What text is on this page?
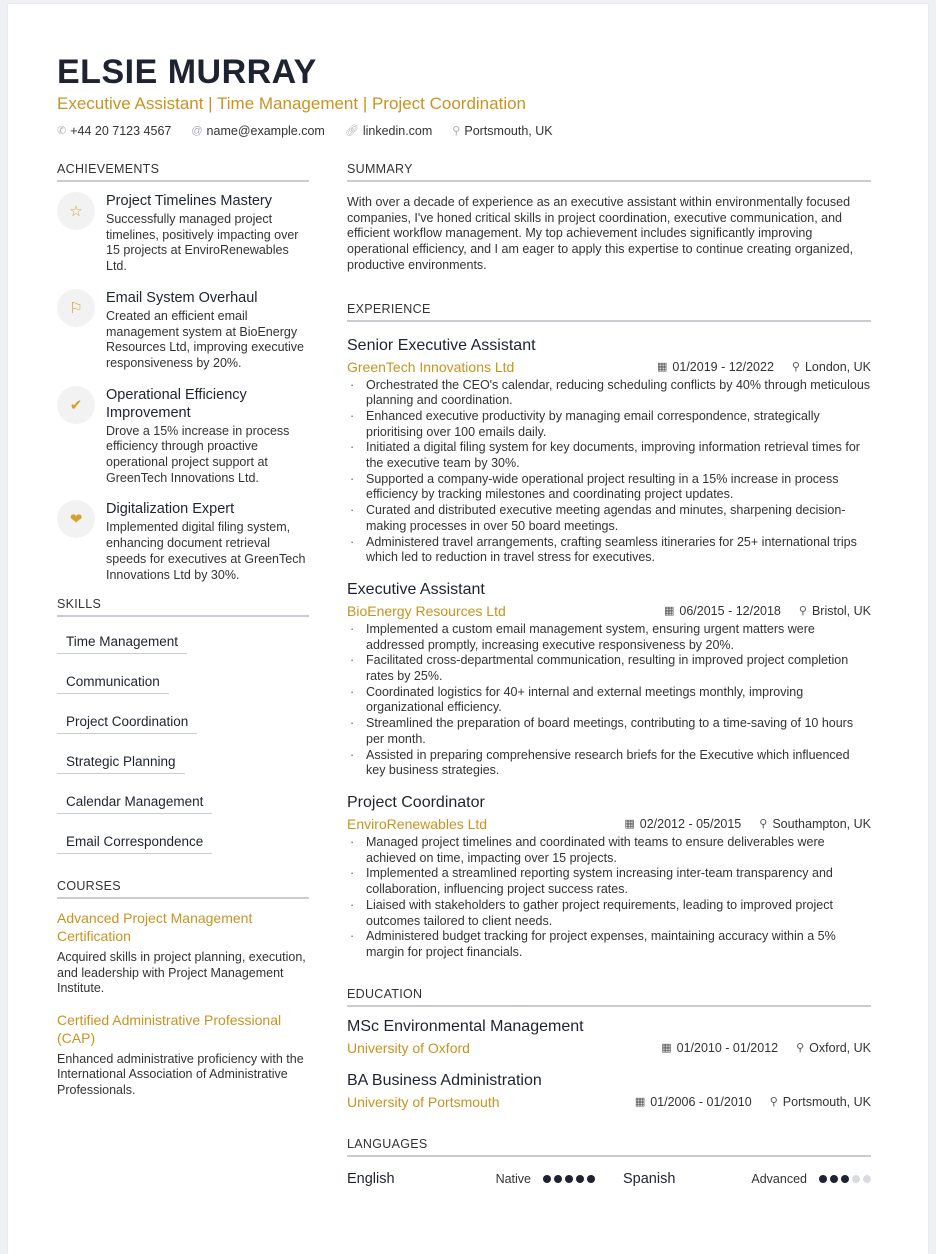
ELSIE MURRAY
Executive Assistant | Time Management | Project Coordination
✆ +44 20 7123 4567 @ name@example.com 🔗︎ linkedin.com ⚲ Portsmouth, UK
ACHIEVEMENTS
☆
Project Timelines Mastery
Successfully managed project timelines, positively impacting over 15 projects at EnviroRenewables Ltd.
⚐
Email System Overhaul
Created an efficient email management system at BioEnergy Resources Ltd, improving executive responsiveness by 20%.
✔
Operational Efficiency Improvement
Drove a 15% increase in process efficiency through proactive operational project support at GreenTech Innovations Ltd.
❤
Digitalization Expert
Implemented digital filing system, enhancing document retrieval speeds for executives at GreenTech Innovations Ltd by 30%.
SKILLS
Time Management
Communication
Project Coordination
Strategic Planning
Calendar Management
Email Correspondence
COURSES
Advanced Project Management Certification
Acquired skills in project planning, execution, and leadership with Project Management Institute.
Certified Administrative Professional (CAP)
Enhanced administrative proficiency with the International Association of Administrative Professionals.
SUMMARY
With over a decade of experience as an executive assistant within environmentally focused companies, I've honed critical skills in project coordination, executive communication, and efficient workflow management. My top achievement includes significantly improving operational efficiency, and I am eager to apply this expertise to continue creating organized, productive environments.
EXPERIENCE
Senior Executive Assistant
GreenTech Innovations Ltd	▦ 01/2019 - 12/2022 ⚲ London, UK
· Orchestrated the CEO's calendar, reducing scheduling conflicts by 40% through meticulous planning and coordination.
· Enhanced executive productivity by managing email correspondence, strategically prioritising over 100 emails daily.
· Initiated a digital filing system for key documents, improving information retrieval times for the executive team by 30%.
· Supported a company-wide operational project resulting in a 15% increase in process efficiency by tracking milestones and coordinating project updates.
· Curated and distributed executive meeting agendas and minutes, sharpening decision-making processes in over 50 board meetings.
· Administered travel arrangements, crafting seamless itineraries for 25+ international trips which led to reduction in travel stress for executives.
Executive Assistant
BioEnergy Resources Ltd	▦ 06/2015 - 12/2018 ⚲ Bristol, UK
· Implemented a custom email management system, ensuring urgent matters were addressed promptly, increasing executive responsiveness by 20%.
· Facilitated cross-departmental communication, resulting in improved project completion rates by 25%.
· Coordinated logistics for 40+ internal and external meetings monthly, improving organizational efficiency.
· Streamlined the preparation of board meetings, contributing to a time-saving of 10 hours per month.
· Assisted in preparing comprehensive research briefs for the Executive which influenced key business strategies.
Project Coordinator
EnviroRenewables Ltd	▦ 02/2012 - 05/2015 ⚲ Southampton, UK
· Managed project timelines and coordinated with teams to ensure deliverables were achieved on time, impacting over 15 projects.
· Implemented a streamlined reporting system increasing inter-team transparency and collaboration, influencing project success rates.
· Liaised with stakeholders to gather project requirements, leading to improved project outcomes tailored to client needs.
· Administered budget tracking for project expenses, maintaining accuracy within a 5% margin for project financials.
EDUCATION
MSc Environmental Management
University of Oxford	▦ 01/2010 - 01/2012 ⚲ Oxford, UK
BA Business Administration
University of Portsmouth	▦ 01/2006 - 01/2010 ⚲ Portsmouth, UK
LANGUAGES
English	Native	Spanish	Advanced
